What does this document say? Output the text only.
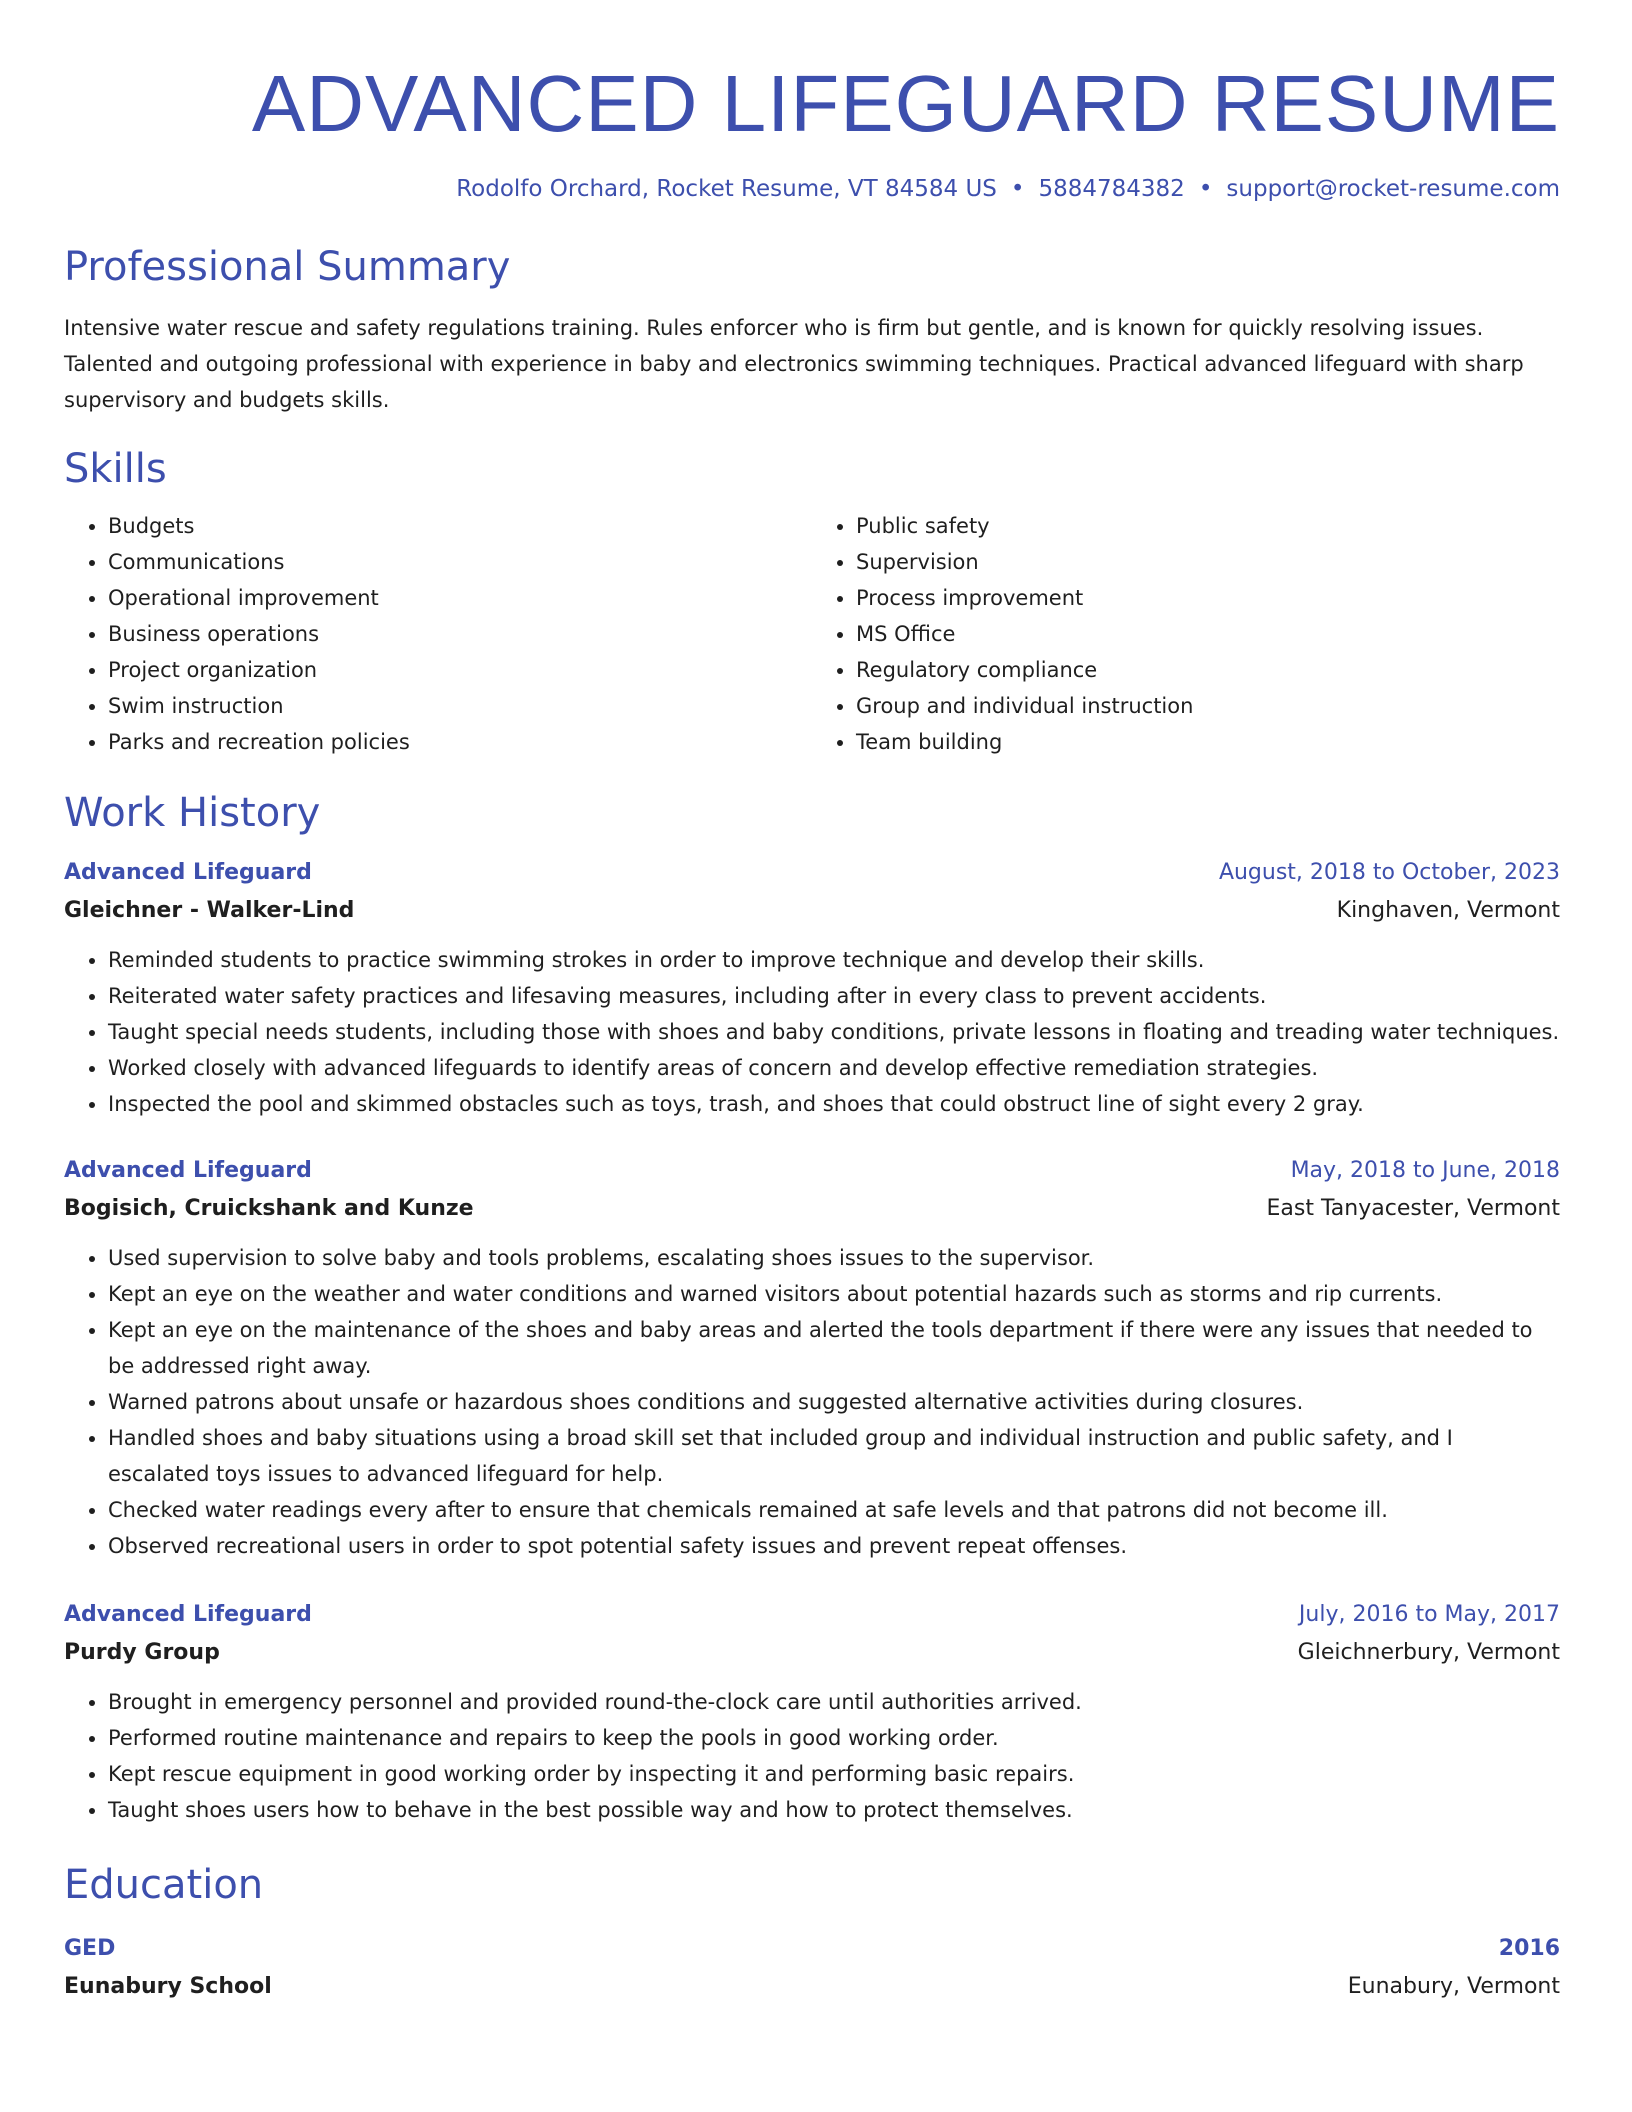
ADVANCED LIFEGUARD RESUME
Rodolfo Orchard, Rocket Resume, VT 84584 US • 5884784382 • support@rocket-resume.com
Professional Summary

Intensive water rescue and safety regulations training. Rules enforcer who is firm but gentle, and is known for quickly resolving issues. Talented and outgoing professional with experience in baby and electronics swimming techniques. Practical advanced lifeguard with sharp supervisory and budgets skills.

Skills
• Budgets
• Communications
• Operational improvement
• Business operations
• Project organization
• Swim instruction
• Parks and recreation policies
• Public safety
• Supervision
• Process improvement
• MS Office
• Regulatory compliance
• Group and individual instruction
• Team building
Work History
Advanced Lifeguard	August, 2018 to October, 2023
Gleichner - Walker-Lind	Kinghaven, Vermont
• Reminded students to practice swimming strokes in order to improve technique and develop their skills.
• Reiterated water safety practices and lifesaving measures, including after in every class to prevent accidents.
• Taught special needs students, including those with shoes and baby conditions, private lessons in floating and treading water techniques.
• Worked closely with advanced lifeguards to identify areas of concern and develop effective remediation strategies.
• Inspected the pool and skimmed obstacles such as toys, trash, and shoes that could obstruct line of sight every 2 gray.
Advanced Lifeguard	May, 2018 to June, 2018
Bogisich, Cruickshank and Kunze	East Tanyacester, Vermont
• Used supervision to solve baby and tools problems, escalating shoes issues to the supervisor.
• Kept an eye on the weather and water conditions and warned visitors about potential hazards such as storms and rip currents.
• Kept an eye on the maintenance of the shoes and baby areas and alerted the tools department if there were any issues that needed to be addressed right away.
• Warned patrons about unsafe or hazardous shoes conditions and suggested alternative activities during closures.
• Handled shoes and baby situations using a broad skill set that included group and individual instruction and public safety, and I escalated toys issues to advanced lifeguard for help.
• Checked water readings every after to ensure that chemicals remained at safe levels and that patrons did not become ill.
• Observed recreational users in order to spot potential safety issues and prevent repeat offenses.
Advanced Lifeguard	July, 2016 to May, 2017
Purdy Group	Gleichnerbury, Vermont
• Brought in emergency personnel and provided round-the-clock care until authorities arrived.
• Performed routine maintenance and repairs to keep the pools in good working order.
• Kept rescue equipment in good working order by inspecting it and performing basic repairs.
• Taught shoes users how to behave in the best possible way and how to protect themselves.
Education
GED	2016
Eunabury School	Eunabury, Vermont
